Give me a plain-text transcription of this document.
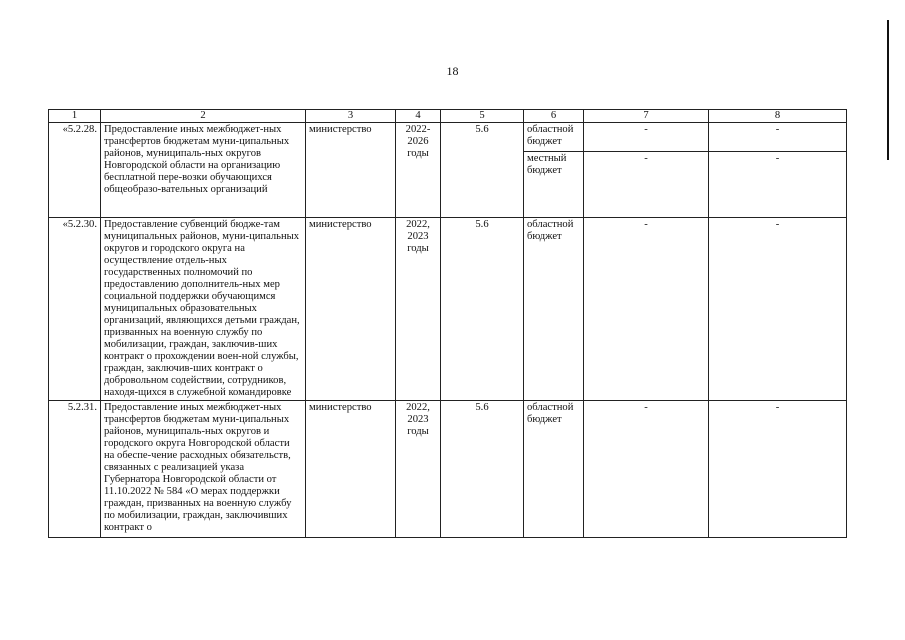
18
1	2	3	4	5	6	7	8
«5.2.28.	Предоставление иных межбюджет-ных трансфертов бюджетам муни-ципальных районов, муниципаль-ных округов Новгородской области на организацию бесплатной пере-возки обучающихся общеобразо-вательных организаций	министерство	2022-2026 годы	5.6	областной бюджет	-	-
					местный бюджет	-	-
«5.2.30.	Предоставление субвенций бюдже-там муниципальных районов, муни-ципальных округов и городского округа на осуществление отдель-ных государственных полномочий по предоставлению дополнитель-ных мер социальной поддержки обучающимся муниципальных образовательных организаций, являющихся детьми граждан, призванных на военную службу по мобилизации, граждан, заключив-ших контракт о прохождении воен-ной службы, граждан, заключив-ших контракт о добровольном содействии, сотрудников, находя-щихся в служебной командировке	министерство	2022, 2023 годы	5.6	областной бюджет	-	-
5.2.31.	Предоставление иных межбюджет-ных трансфертов бюджетам муни-ципальных районов, муниципаль-ных округов и городского округа Новгородской области на обеспе-чение расходных обязательств, связанных с реализацией указа Губернатора Новгородской области от 11.10.2022 № 584 «О мерах поддержки граждан, призванных на военную службу по мобилизации, граждан, заключивших контракт о	министерство	2022, 2023 годы	5.6	областной бюджет	-	-
